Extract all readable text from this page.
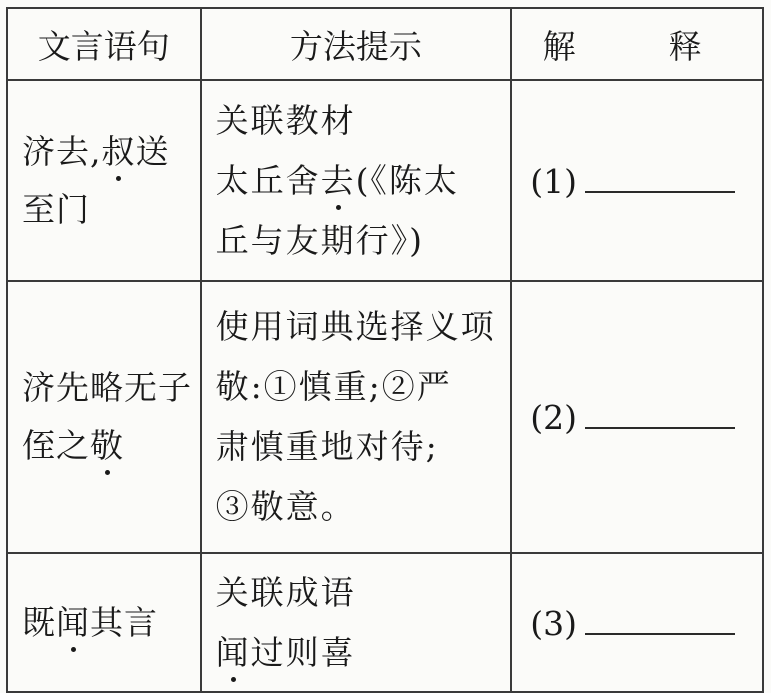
文言语句	方法提示	解　释
济去,叔送至门	关联教材
太丘舍去(《陈太
丘与友期行》)	(1)
济先略无子侄之敬	使用词典选择义项
敬:①慎重;②严
肃慎重地对待;
③敬意。	(2)
既闻其言	关联成语
闻过则喜	(3)
